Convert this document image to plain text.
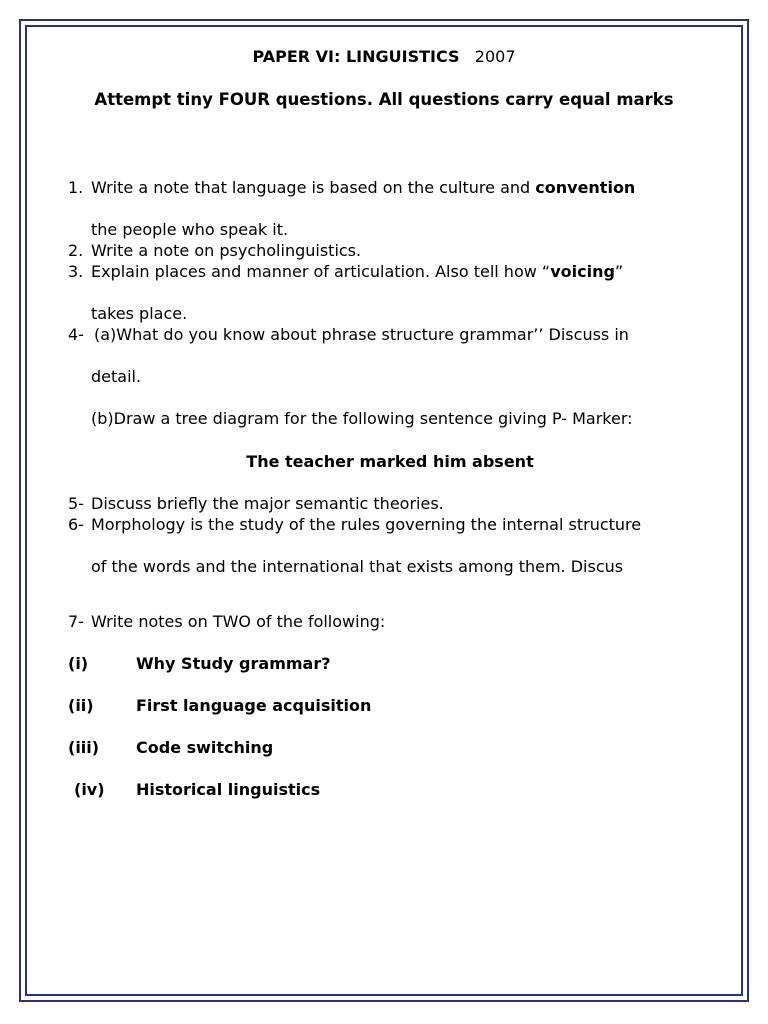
PAPER VI: LINGUISTICS 2007
Attempt tiny FOUR questions. All questions carry equal marks
1. Write a note that language is based on the culture and convention
the people who speak it.
2. Write a note on psycholinguistics.
3. Explain places and manner of articulation. Also tell how “voicing”
takes place.
4- (a)What do you know about phrase structure grammar’’ Discuss in
detail.
(b)Draw a tree diagram for the following sentence giving P- Marker:
The teacher marked him absent
5- Discuss briefly the major semantic theories.
6- Morphology is the study of the rules governing the internal structure
of the words and the international that exists among them. Discus
7- Write notes on TWO of the following:
(i)	Why Study grammar?
(ii)	First language acquisition
(iii) Code switching
(iv) Historical linguistics
